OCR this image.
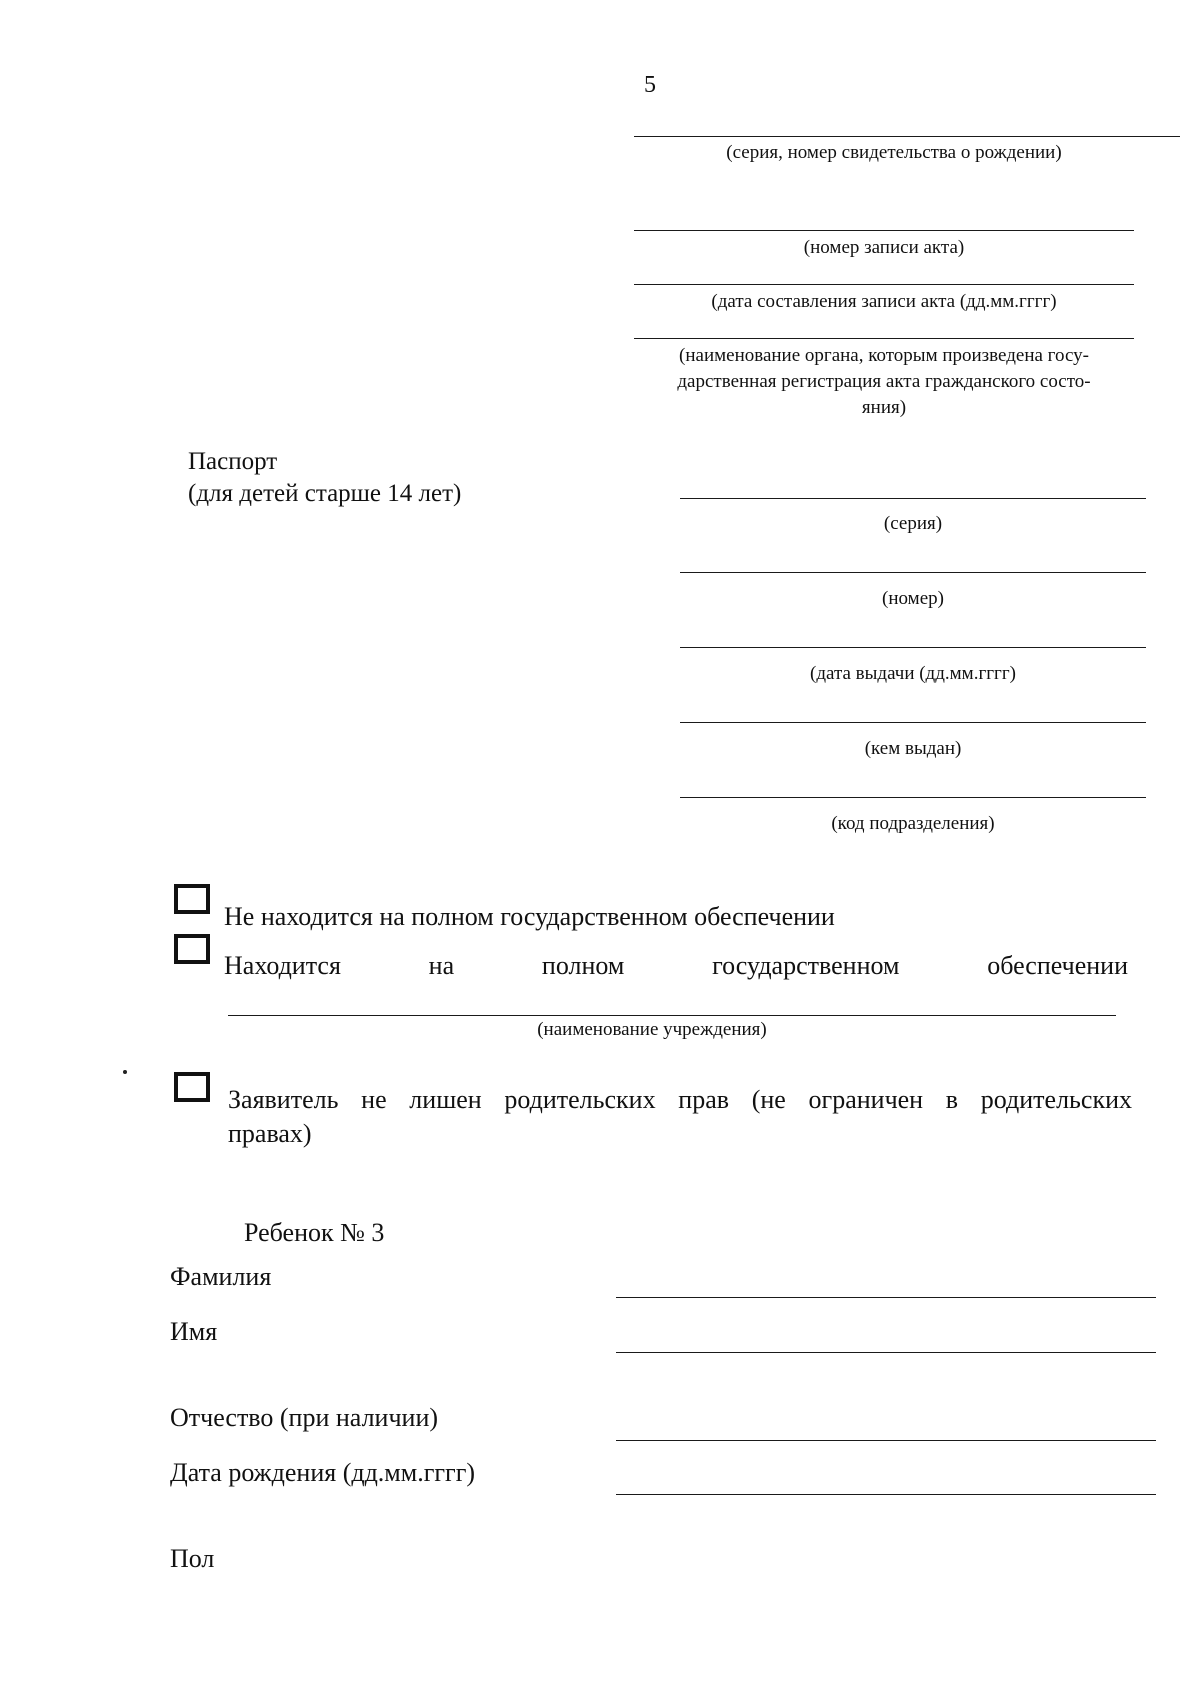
5
(серия, номер свидетельства о рождении)
(номер записи акта)
(дата составления записи акта (дд.мм.гггг)
(наименование органа, которым произведена госу-
дарственная регистрация акта гражданского состо-
яния)
Паспорт
(для детей старше 14 лет)
(серия)
(номер)
(дата выдачи (дд.мм.гггг)
(кем выдан)
(код подразделения)
Не находится на полном государственном обеспечении
Находится	на	полном	государственном	обеспечении
(наименование учреждения)
Заявитель не лишен родительских прав (не ограничен в родительских
правах)
Ребенок № 3
Фамилия
Имя
Отчество (при наличии)
Дата рождения (дд.мм.гггг)
Пол
